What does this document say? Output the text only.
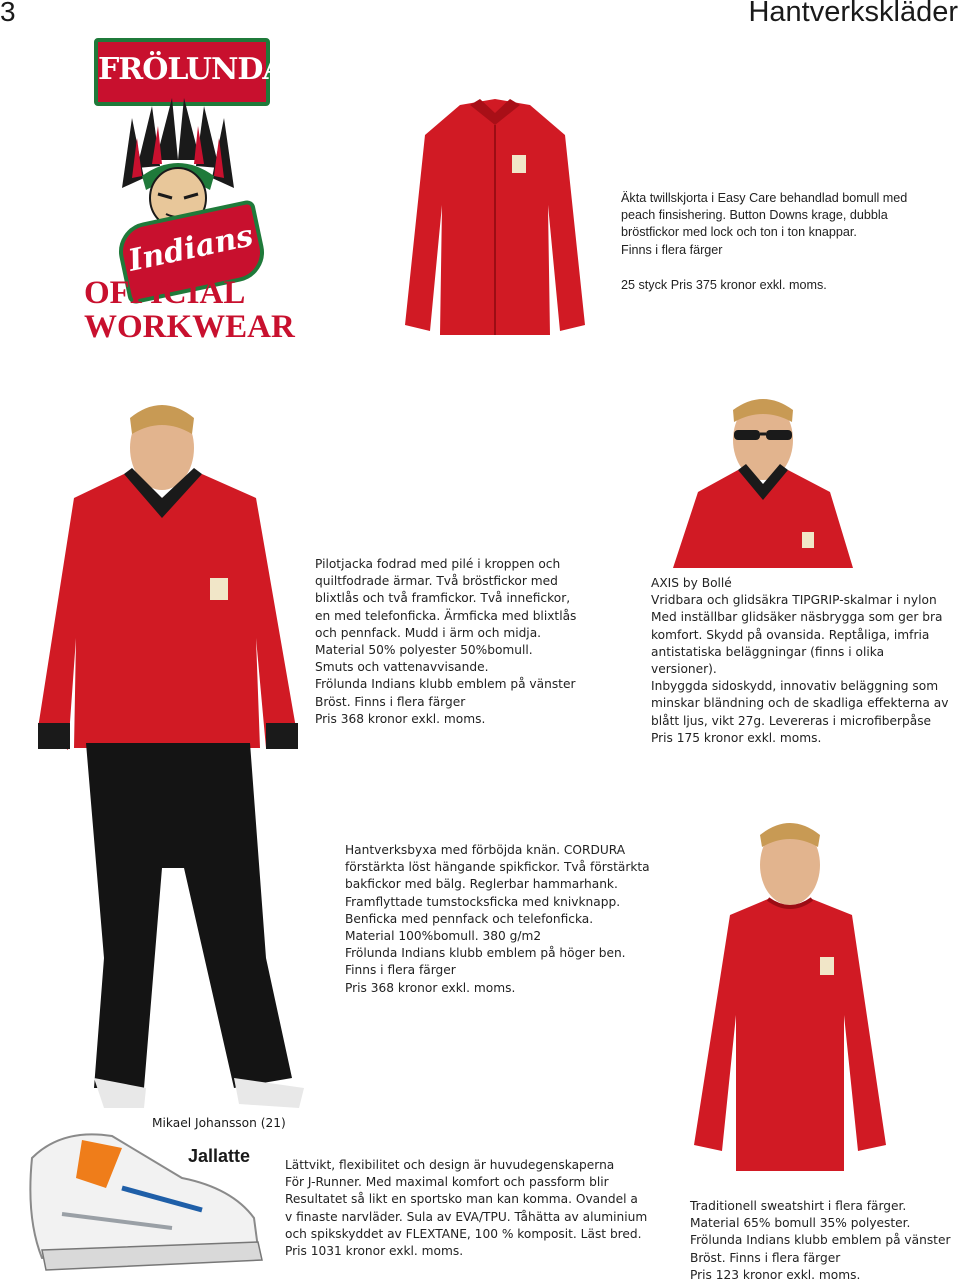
3	Hantverkskläder
FRÖLUNDA
Indians
OFFICIAL
WORKWEAR
Äkta twillskjorta i Easy Care behandlad bomull med
peach finsishering. Button Downs krage, dubbla
bröstfickor med lock och ton i ton knappar.
Finns i flera färger
25 styck Pris 375 kronor exkl. moms.
Pilotjacka fodrad med pilé i kroppen och
quiltfodrade ärmar. Två bröstfickor med
blixtlås och två framfickor. Två innefickor,
en med telefonficka. Ärmficka med blixtlås
och pennfack. Mudd i ärm och midja.
Material 50% polyester 50%bomull.
Smuts och vattenavvisande.
Frölunda Indians klubb emblem på vänster
Bröst. Finns i flera färger
Pris 368 kronor exkl. moms.
AXIS by Bollé
Vridbara och glidsäkra TIPGRIP-skalmar i nylon
Med inställbar glidsäker näsbrygga som ger bra
komfort. Skydd på ovansida. Reptåliga, imfria
antistatiska beläggningar (finns i olika versioner).
Inbyggda sidoskydd, innovativ beläggning som
minskar bländning och de skadliga effekterna av
blått ljus, vikt 27g. Levereras i microfiberpåse
Pris 175 kronor exkl. moms.
Hantverksbyxa med förböjda knän. CORDURA
förstärkta löst hängande spikfickor. Två förstärkta
bakfickor med bälg. Reglerbar hammarhank.
Framflyttade tumstocksficka med knivknapp.
Benficka med pennfack och telefonficka.
Material 100%bomull. 380 g/m2
Frölunda Indians klubb emblem på höger ben.
Finns i flera färger
Pris 368 kronor exkl. moms.
Jallatte
Mikael Johansson (21)
Lättvikt, flexibilitet och design är huvudegenskaperna
För J-Runner. Med maximal komfort och passform blir
Resultatet så likt en sportsko man kan komma. Ovandel a
v finaste narvläder. Sula av EVA/TPU. Tåhätta av aluminium
och spikskyddet av FLEXTANE, 100 % komposit. Läst bred.
Pris 1031 kronor exkl. moms.
Traditionell sweatshirt i flera färger.
Material 65% bomull 35% polyester.
Frölunda Indians klubb emblem på vänster
Bröst. Finns i flera färger
Pris 123 kronor exkl. moms.
